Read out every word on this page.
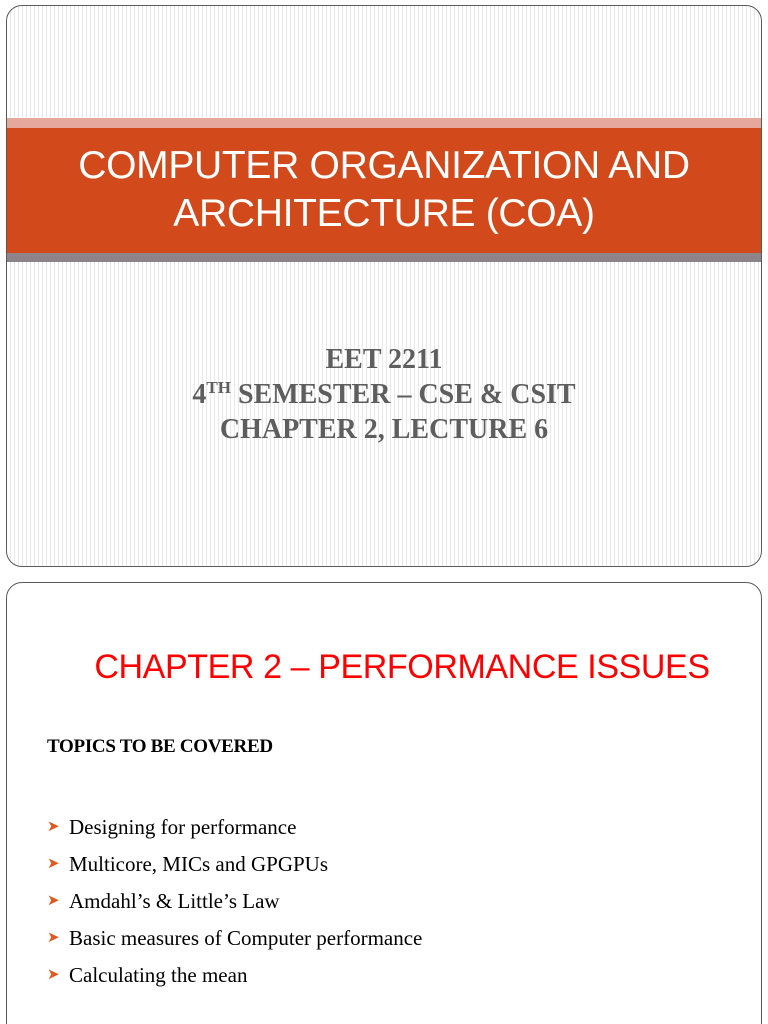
COMPUTER ORGANIZATION AND
ARCHITECTURE (COA)
EET 2211
4TH SEMESTER – CSE & CSIT
CHAPTER 2, LECTURE 6
CHAPTER 2 – PERFORMANCE ISSUES
TOPICS TO BE COVERED
➤ Designing for performance
➤ Multicore, MICs and GPGPUs
➤ Amdahl’s & Little’s Law
➤ Basic measures of Computer performance
➤ Calculating the mean
